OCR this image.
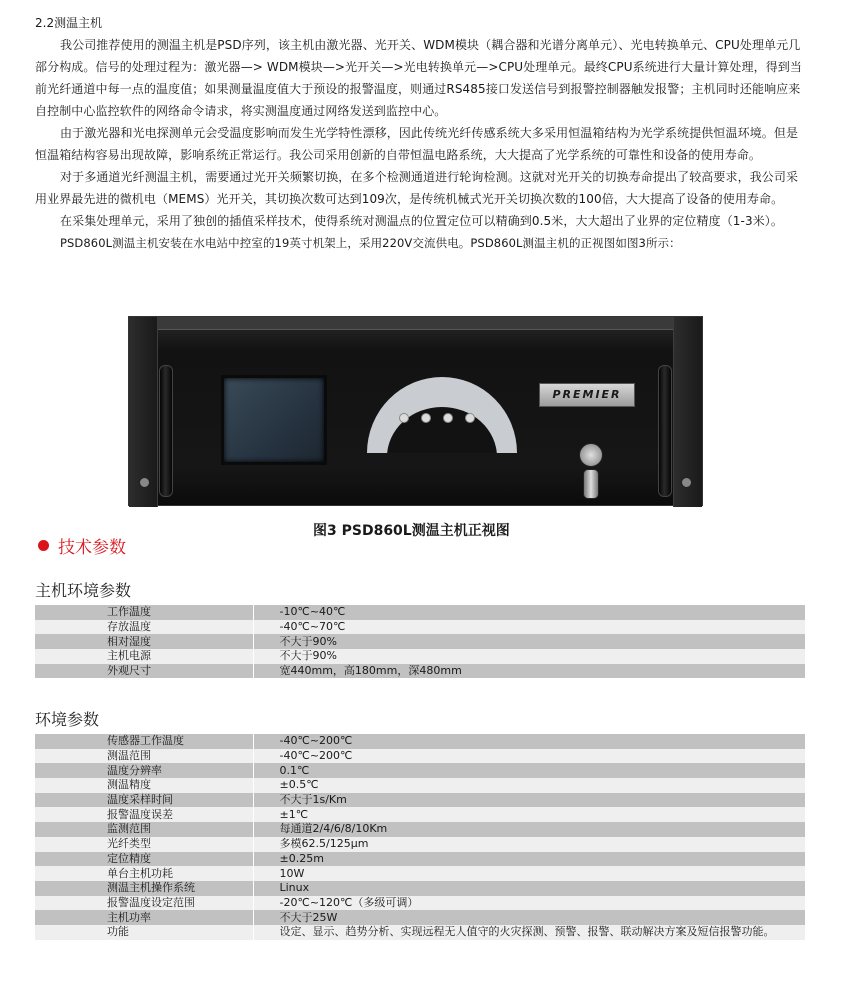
2.2测温主机

我公司推荐使用的测温主机是PSD序列，该主机由激光器、光开关、WDM模块（耦合器和光谱分离单元）、光电转换单元、CPU处理单元几部分构成。信号的处理过程为：激光器—> WDM模块—>光开关—>光电转换单元—>CPU处理单元。最终CPU系统进行大量计算处理，得到当前光纤通道中每一点的温度值；如果测量温度值大于预设的报警温度，则通过RS485接口发送信号到报警控制器触发报警；主机同时还能响应来自控制中心监控软件的网络命令请求，将实测温度通过网络发送到监控中心。

由于激光器和光电探测单元会受温度影响而发生光学特性漂移，因此传统光纤传感系统大多采用恒温箱结构为光学系统提供恒温环境。但是恒温箱结构容易出现故障，影响系统正常运行。我公司采用创新的自带恒温电路系统，大大提高了光学系统的可靠性和设备的使用寿命。

对于多通道光纤测温主机，需要通过光开关频繁切换，在多个检测通道进行轮询检测。这就对光开关的切换寿命提出了较高要求，我公司采用业界最先进的微机电（MEMS）光开关，其切换次数可达到109次，是传统机械式光开关切换次数的100倍，大大提高了设备的使用寿命。

在采集处理单元，采用了独创的插值采样技术，使得系统对测温点的位置定位可以精确到0.5米，大大超出了业界的定位精度（1-3米）。

PSD860L测温主机安装在水电站中控室的19英寸机架上，采用220V交流供电。PSD860L测温主机的正视图如图3所示：

PREMIER

图3 PSD860L测温主机正视图

技术参数

主机环境参数

工作温度	-10℃~40℃
存放温度	-40℃~70℃
相对湿度	不大于90%
主机电源	不大于90%
外观尺寸	宽440mm，高180mm，深480mm

环境参数

传感器工作温度	-40℃~200℃
测温范围	-40℃~200℃
温度分辨率	0.1℃
测温精度	±0.5℃
温度采样时间	不大于1s/Km
报警温度误差	±1℃
监测范围	每通道2/4/6/8/10Km
光纤类型	多模62.5/125μm
定位精度	±0.25m
单台主机功耗	10W
测温主机操作系统	Linux
报警温度设定范围	-20℃~120℃（多级可调）
主机功率	不大于25W
功能	设定、显示、趋势分析、实现远程无人值守的火灾探测、预警、报警、联动解决方案及短信报警功能。
